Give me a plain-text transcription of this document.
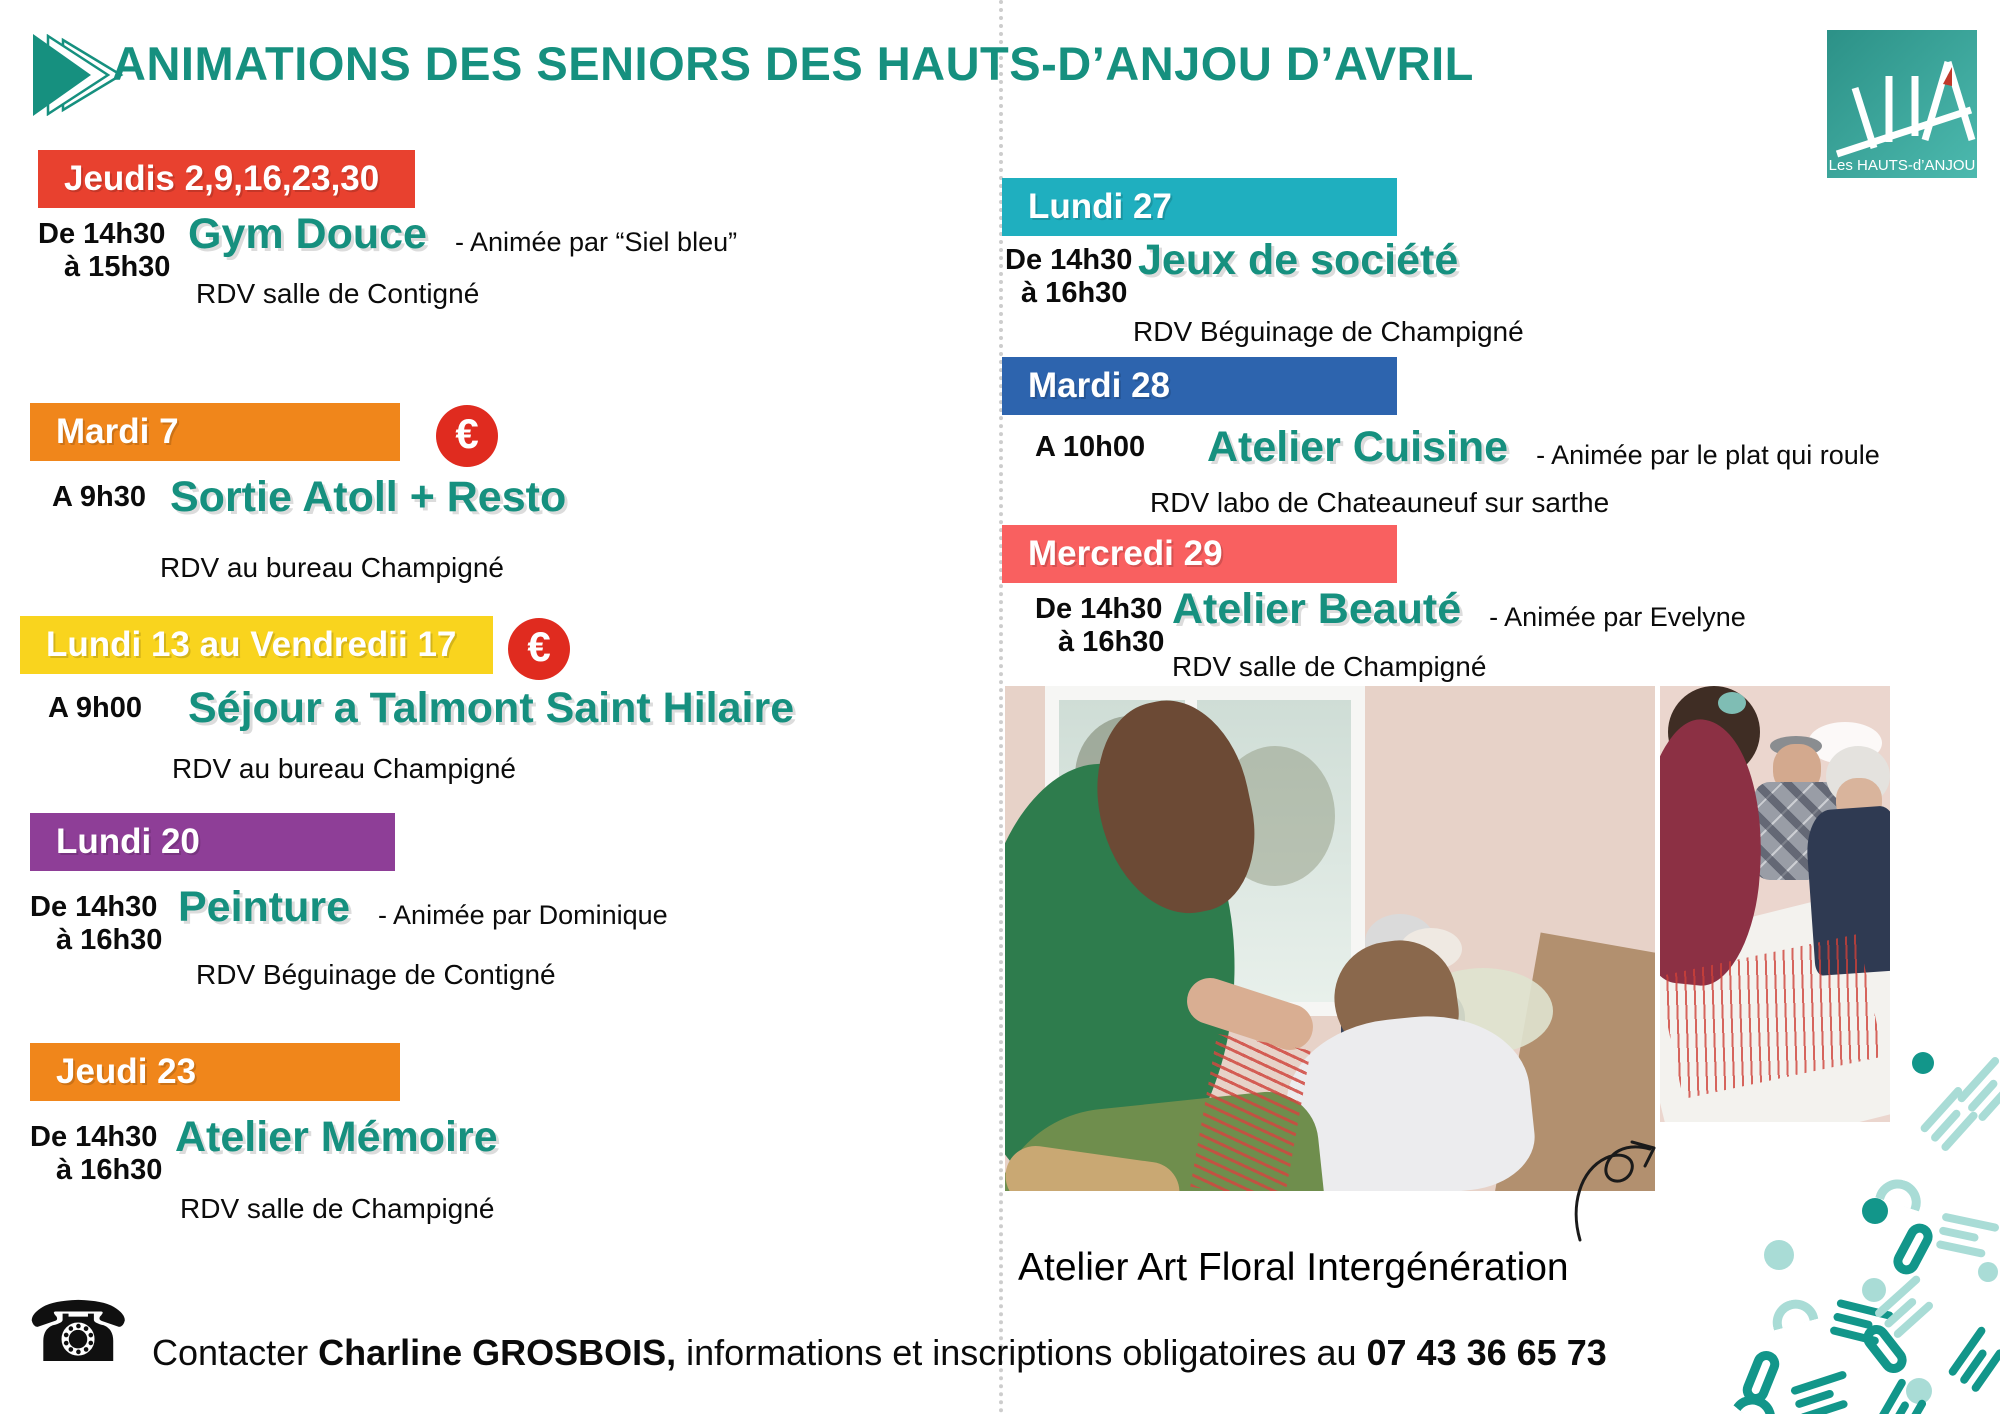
ANIMATIONS DES SENIORS DES HAUTS-D’ANJOU D’AVRIL
Les HAUTS-d’ANJOU
Jeudis 2,9,16,23,30
De 14h30
à 15h30
Gym Douce - Animée par “Siel bleu”
RDV salle de Contigné
Mardi 7	€
A 9h30 Sortie Atoll + Resto
RDV au bureau Champigné
Lundi 13 au Vendredii 17	€
A 9h00	Séjour a Talmont Saint Hilaire
RDV au bureau Champigné
Lundi 20
De 14h30
à 16h30
Peinture - Animée par Dominique
RDV Béguinage de Contigné
Jeudi 23
De 14h30
à 16h30
Atelier Mémoire
RDV salle de Champigné
Lundi 27
De 14h30
à 16h30
Jeux de société
RDV Béguinage de Champigné
Mardi 28
A 10h00	Atelier Cuisine - Animée par le plat qui roule
RDV labo de Chateauneuf sur sarthe
Mercredi 29
De 14h30
à 16h30
Atelier Beauté - Animée par Evelyne
RDV salle de Champigné
Atelier Art Floral Intergénération
☎ Contacter Charline GROSBOIS, informations et inscriptions obligatoires au 07 43 36 65 73
